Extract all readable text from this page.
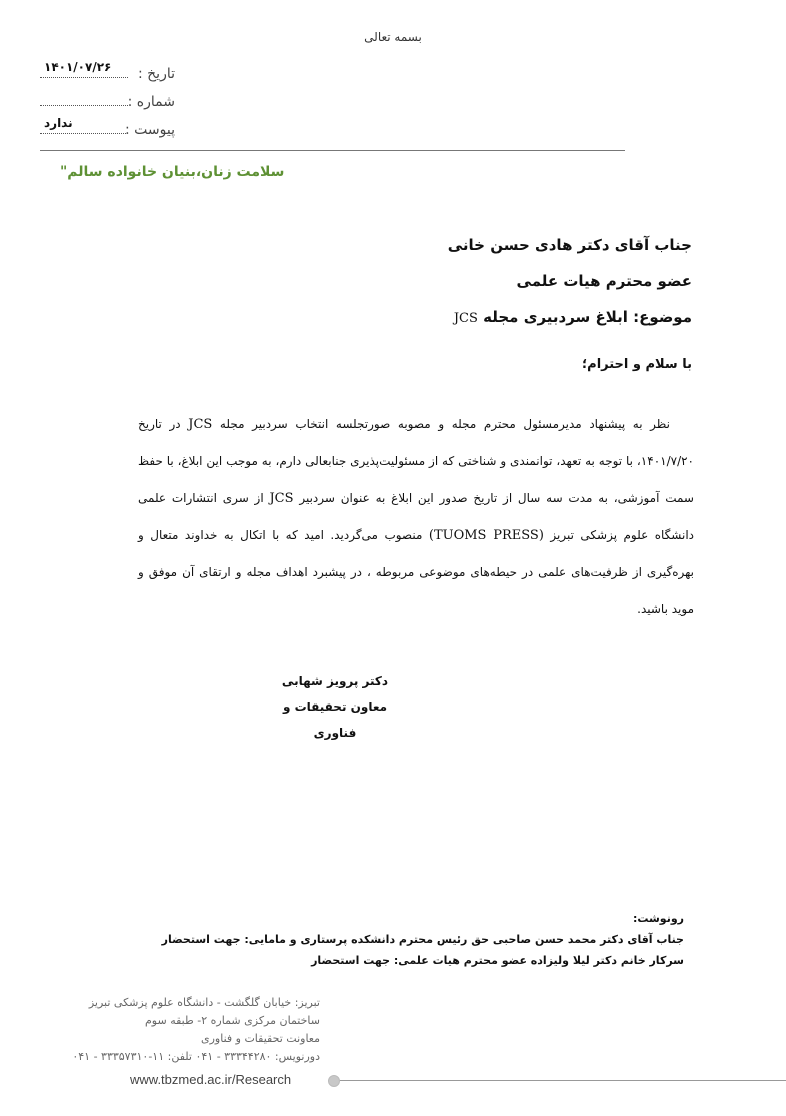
بسمه تعالی
تاریخ :
۱۴۰۱/۰۷/۲۶
شماره :
پیوست :
ندارد
سلامت زنان،بنیان خانواده سالم"
جناب آقای دکتر هادی حسن خانی
عضو محترم هیات علمی
موضوع: ابلاغ سردبیری مجله JCS
با سلام و احترام؛
نظر به پیشنهاد مدیرمسئول محترم مجله و مصوبه صورتجلسه انتخاب سردبیر مجله JCS در تاریخ ۱۴۰۱/۷/۲۰، با توجه به تعهد، توانمندی و شناختی که از مسئولیت‌پذیری جنابعالی دارم، به موجب این ابلاغ، با حفظ سمت آموزشی، به مدت سه سال از تاریخ صدور این ابلاغ به عنوان سردبیر JCS از سری انتشارات علمی دانشگاه علوم پزشکی تبریز (TUOMS PRESS) منصوب می‌گردید. امید که با اتکال به خداوند متعال و بهره‌گیری از ظرفیت‌های علمی در حیطه‌های موضوعی مربوطه ، در پیشبرد اهداف مجله و ارتقای آن موفق و موید باشید.
دکتر پرویز شهابی
معاون تحقیقات و فناوری
رونوشت:
جناب آقای دکتر محمد حسن صاحبی حق رئیس محترم دانشکده پرستاری و مامایی: جهت استحضار
سرکار خانم دکتر لیلا ولیزاده عضو محترم هیات علمی: جهت استحضار
تبریز: خیابان گلگشت - دانشگاه علوم پزشکی تبریز
ساختمان مرکزی شماره ۲- طبقه سوم
معاونت تحقیقات و فناوری
دورنویس: ۳۳۳۴۴۲۸۰ - ۰۴۱ تلفن: ۱۱-۳۳۳۵۷۳۱۰ - ۰۴۱
www.tbzmed.ac.ir/Research
